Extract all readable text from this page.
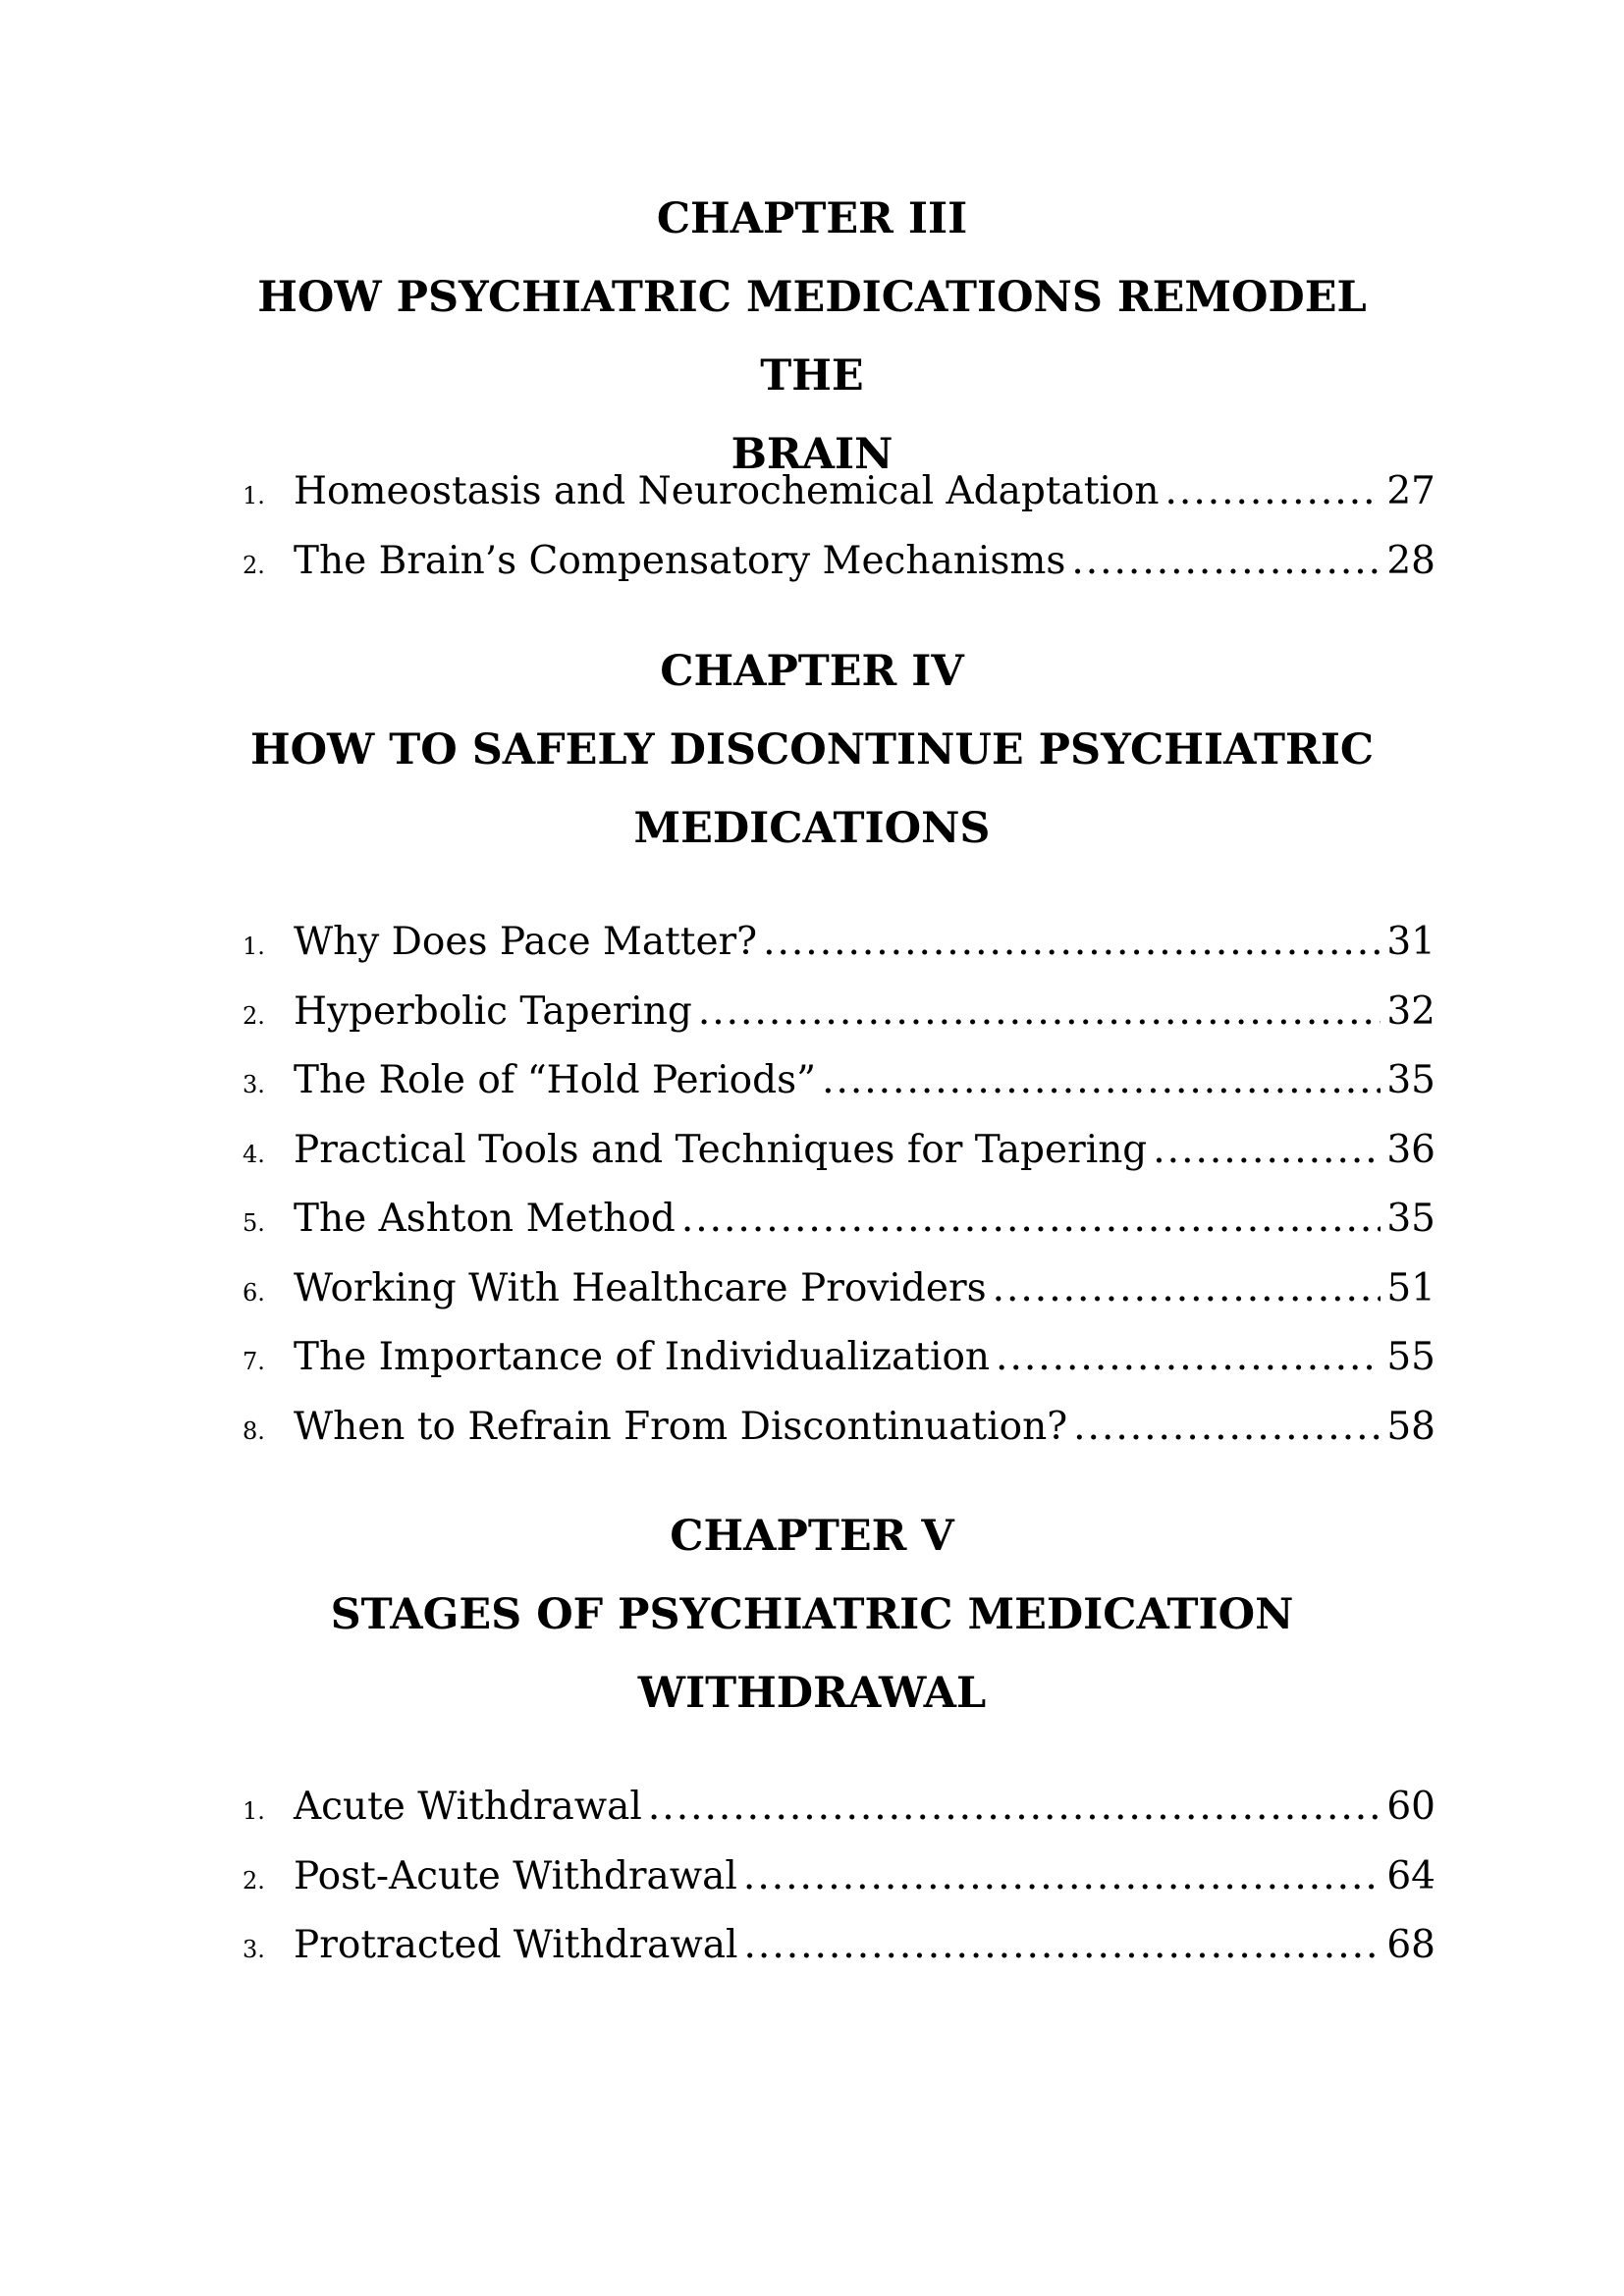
CHAPTER III
HOW PSYCHIATRIC MEDICATIONS REMODEL THE
BRAIN
1. Homeostasis and Neurochemical Adaptation .....	27
2. The Brain’s Compensatory Mechanisms .....	28
CHAPTER IV
HOW TO SAFELY DISCONTINUE PSYCHIATRIC
MEDICATIONS
1. Why Does Pace Matter? .....	31
2. Hyperbolic Tapering .....	32
3. The Role of “Hold Periods” .....	35
4. Practical Tools and Techniques for Tapering .....	36
5. The Ashton Method .....	35
6. Working With Healthcare Providers .....	51
7. The Importance of Individualization .....	55
8. When to Refrain From Discontinuation? .....	58
CHAPTER V
STAGES OF PSYCHIATRIC MEDICATION
WITHDRAWAL
1. Acute Withdrawal .....	60
2. Post-Acute Withdrawal .....	64
3. Protracted Withdrawal .....	68
